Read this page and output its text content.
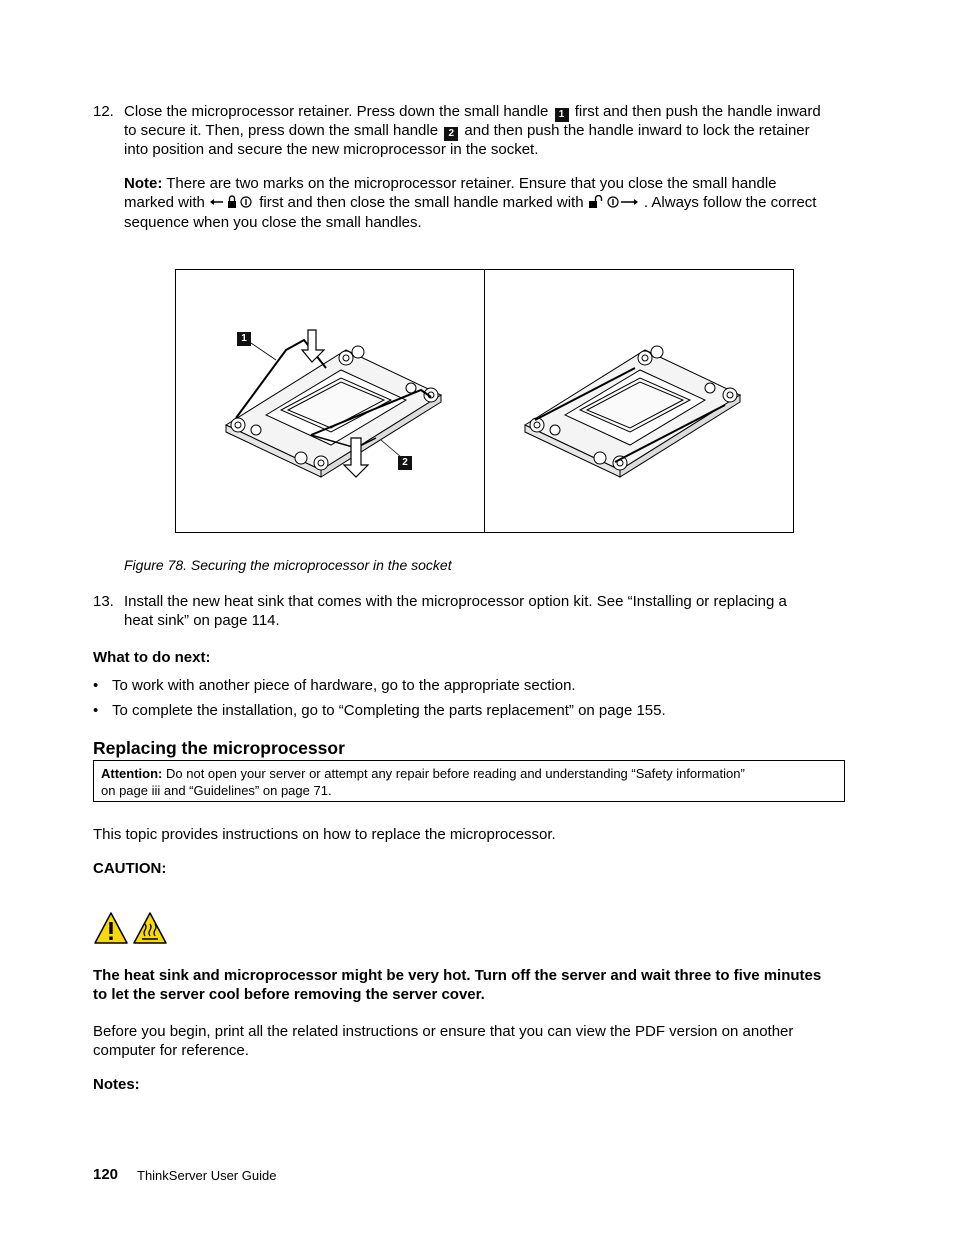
12. Close the microprocessor retainer. Press down the small handle 1 first and then push the handle inward
to secure it. Then, press down the small handle 2 and then push the handle inward to lock the retainer
into position and secure the new microprocessor in the socket.
Note: There are two marks on the microprocessor retainer. Ensure that you close the small handle
marked with	first and then close the small handle marked with	. Always follow the correct
sequence when you close the small handles.
1
2
Figure 78. Securing the microprocessor in the socket
13. Install the new heat sink that comes with the microprocessor option kit. See “Installing or replacing a
heat sink” on page 114.
What to do next:
• To work with another piece of hardware, go to the appropriate section.
• To complete the installation, go to “Completing the parts replacement” on page 155.
Replacing the microprocessor
Attention: Do not open your server or attempt any repair before reading and understanding “Safety information”
on page iii and “Guidelines” on page 71.
This topic provides instructions on how to replace the microprocessor.
CAUTION:
The heat sink and microprocessor might be very hot. Turn off the server and wait three to five minutes
to let the server cool before removing the server cover.
Before you begin, print all the related instructions or ensure that you can view the PDF version on another
computer for reference.
Notes:
120 ThinkServer User Guide
